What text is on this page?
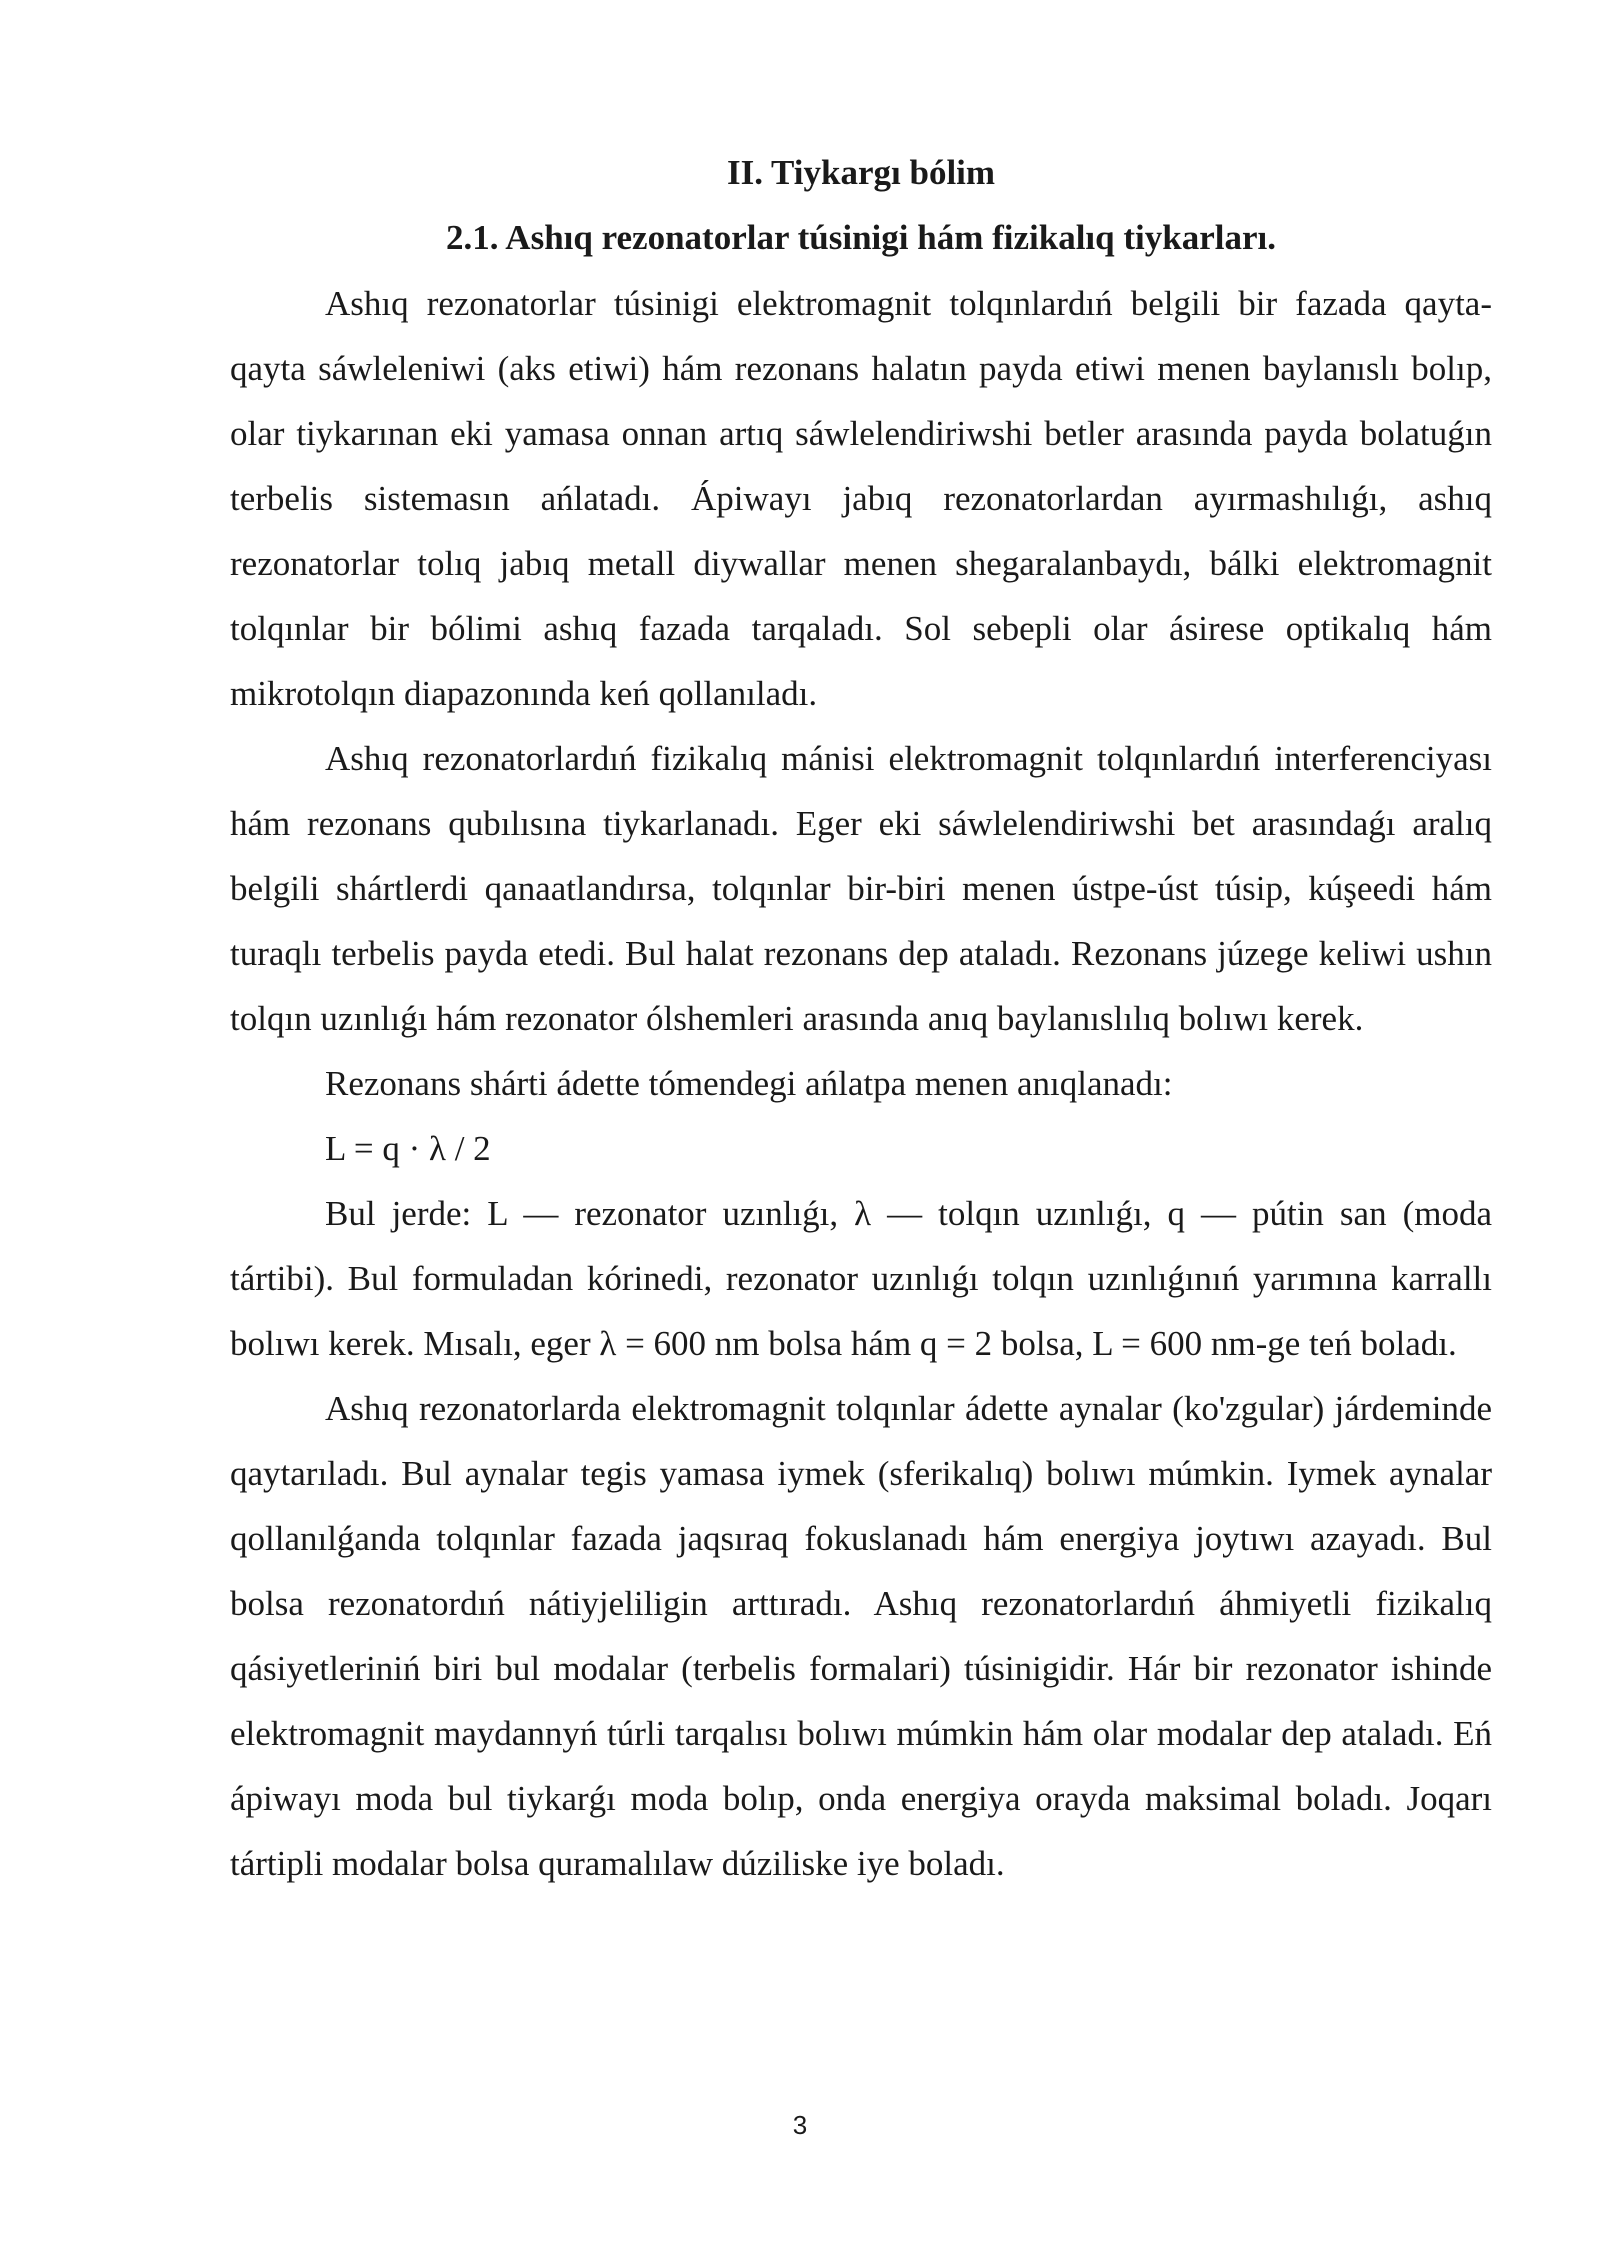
II. Tiykargı bólim
2.1. Ashıq rezonatorlar túsinigi hám fizikalıq tiykarları.

Ashıq rezonatorlar túsinigi elektromagnit tolqınlardıń belgili bir fazada qayta-qayta sáwleleniwi (aks etiwi) hám rezonans halatın payda etiwi menen baylanıslı bolıp, olar tiykarınan eki yamasa onnan artıq sáwlelendiriwshi betler arasında payda bolatuǵın terbelis sistemasın ańlatadı. Ápiwayı jabıq rezonatorlardan ayırmashılıǵı, ashıq rezonatorlar tolıq jabıq metall diywallar menen shegaralanbaydı, bálki elektromagnit tolqınlar bir bólimi ashıq fazada tarqaladı. Sol sebepli olar ásirese optikalıq hám mikrotolqın diapazonında keń qollanıladı.

Ashıq rezonatorlardıń fizikalıq mánisi elektromagnit tolqınlardıń interferenciyası hám rezonans qubılısına tiykarlanadı. Eger eki sáwlelendiriwshi bet arasındaǵı aralıq belgili shártlerdi qanaatlandırsa, tolqınlar bir-biri menen ústpe-úst túsip, kúşeedi hám turaqlı terbelis payda etedi. Bul halat rezonans dep ataladı. Rezonans júzege keliwi ushın tolqın uzınlıǵı hám rezonator ólshemleri arasında anıq baylanıslılıq bolıwı kerek.

Rezonans shárti ádette tómendegi ańlatpa menen anıqlanadı:

L = q · λ / 2

Bul jerde: L — rezonator uzınlıǵı, λ — tolqın uzınlıǵı, q — pútin san (moda tártibi). Bul formuladan kórinedi, rezonator uzınlıǵı tolqın uzınlıǵınıń yarımına karrallı bolıwı kerek. Mısalı, eger λ = 600 nm bolsa hám q = 2 bolsa, L = 600 nm-ge teń boladı.

Ashıq rezonatorlarda elektromagnit tolqınlar ádette aynalar (ko'zgular) járdeminde qaytarıladı. Bul aynalar tegis yamasa iymek (sferikalıq) bolıwı múmkin. Iymek aynalar qollanılǵanda tolqınlar fazada jaqsıraq fokuslanadı hám energiya joytıwı azayadı. Bul bolsa rezonatordıń nátiyjeliligin arttıradı. Ashıq rezonatorlardıń áhmiyetli fizikalıq qásiyetleriniń biri bul modalar (terbelis formalari) túsinigidir. Hár bir rezonator ishinde elektromagnit maydannyń túrli tarqalısı bolıwı múmkin hám olar modalar dep ataladı. Eń ápiwayı moda bul tiykarǵı moda bolıp, onda energiya orayda maksimal boladı. Joqarı tártipli modalar bolsa quramalılaw dúziliske iye boladı.

3
